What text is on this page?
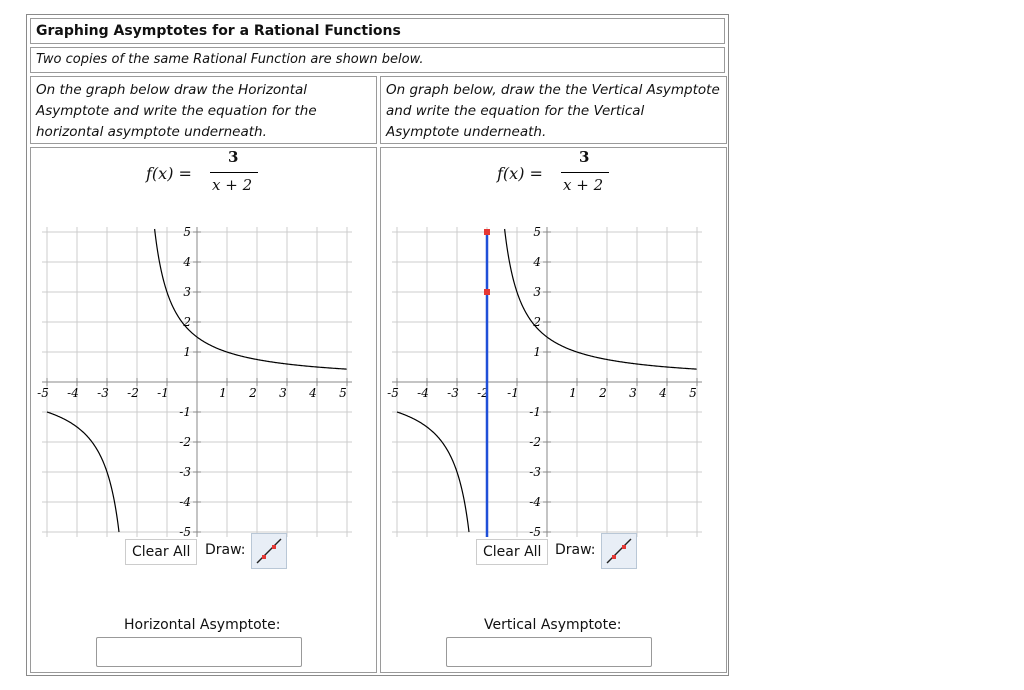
Graphing Asymptotes for a Rational Functions
Two copies of the same Rational Function are shown below.
On the graph below draw the Horizontal Asymptote and write the equation for the horizontal asymptote underneath.
On graph below, draw the the Vertical Asymptote and write the equation for the Vertical Asymptote underneath.
f(x) =
3
x + 2
f(x) =
3
x + 2
-5 -4 -3 -2 -1	1 2 3 4 5
5
4
3
2
1
-1
-2
-3
-4
-5
-5 -4 -3 -2 -1	1 2 3 4 5
5
4
3
2
1
-1
-2
-3
-4
-5
Clear All	Draw:
Horizontal Asymptote:
Clear All Draw:
Vertical Asymptote:
